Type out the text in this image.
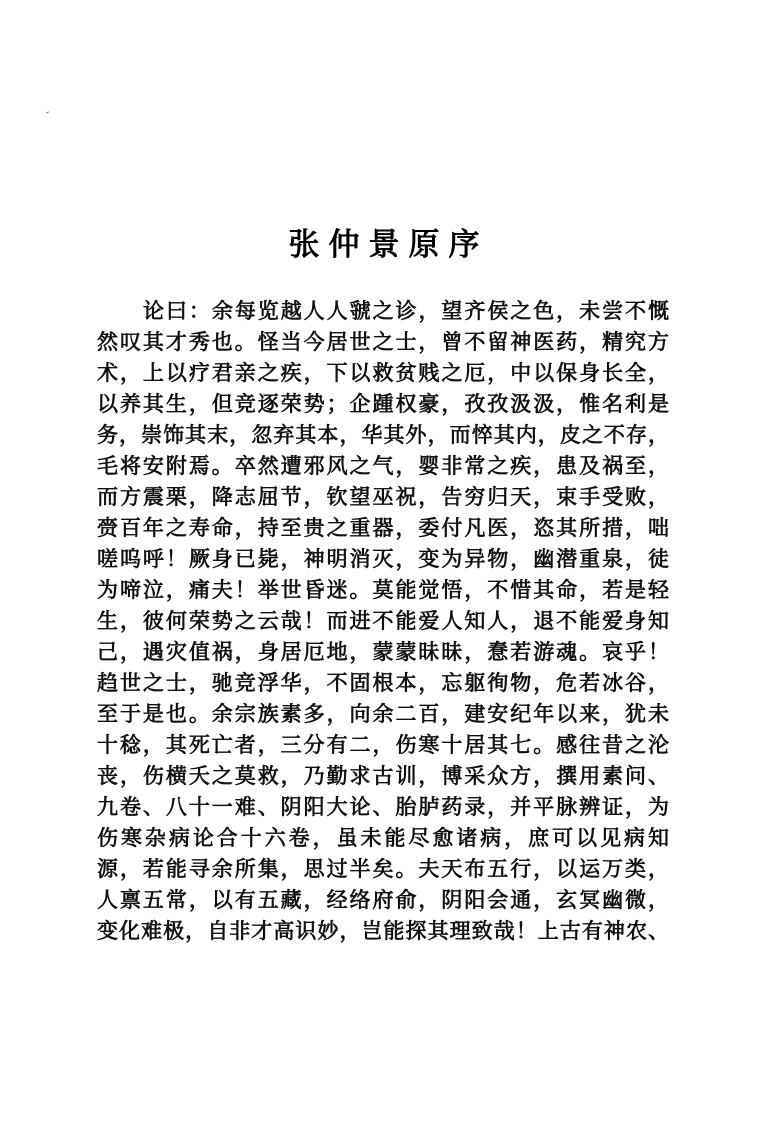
张仲景原序
论曰：余每览越人人虢之诊，望齐侯之色，未尝不慨
然叹其才秀也。怪当今居世之士，曾不留神医药，精究方
术，上以疗君亲之疾，下以救贫贱之厄，中以保身长全，
以养其生，但竞逐荣势；企踵权豪，孜孜汲汲，惟名利是
务，崇饰其末，忽弃其本，华其外，而悴其内，皮之不存，
毛将安附焉。卒然遭邪风之气，婴非常之疾，患及祸至，
而方震栗，降志屈节，钦望巫祝，告穷归天，束手受败，
赍百年之寿命，持至贵之重器，委付凡医，恣其所措，咄
嗟呜呼！厥身已毙，神明消灭，变为异物，幽潜重泉，徒
为啼泣，痛夫！举世昏迷。莫能觉悟，不惜其命，若是轻
生，彼何荣势之云哉！而进不能爱人知人，退不能爱身知
己，遇灾值祸，身居厄地，蒙蒙昧昧，惷若游魂。哀乎！
趋世之士，驰竞浮华，不固根本，忘躯徇物，危若冰谷，
至于是也。余宗族素多，向余二百，建安纪年以来，犹未
十稔，其死亡者，三分有二，伤寒十居其七。感往昔之沦
丧，伤横夭之莫救，乃勤求古训，博采众方，撰用素问、
九卷、八十一难、阴阳大论、胎胪药录，并平脉辨证，为
伤寒杂病论合十六卷，虽未能尽愈诸病，庶可以见病知
源，若能寻余所集，思过半矣。夫天布五行，以运万类，
人禀五常，以有五藏，经络府俞，阴阳会通，玄冥幽微，
变化难极，自非才高识妙，岂能探其理致哉！上古有神农、
